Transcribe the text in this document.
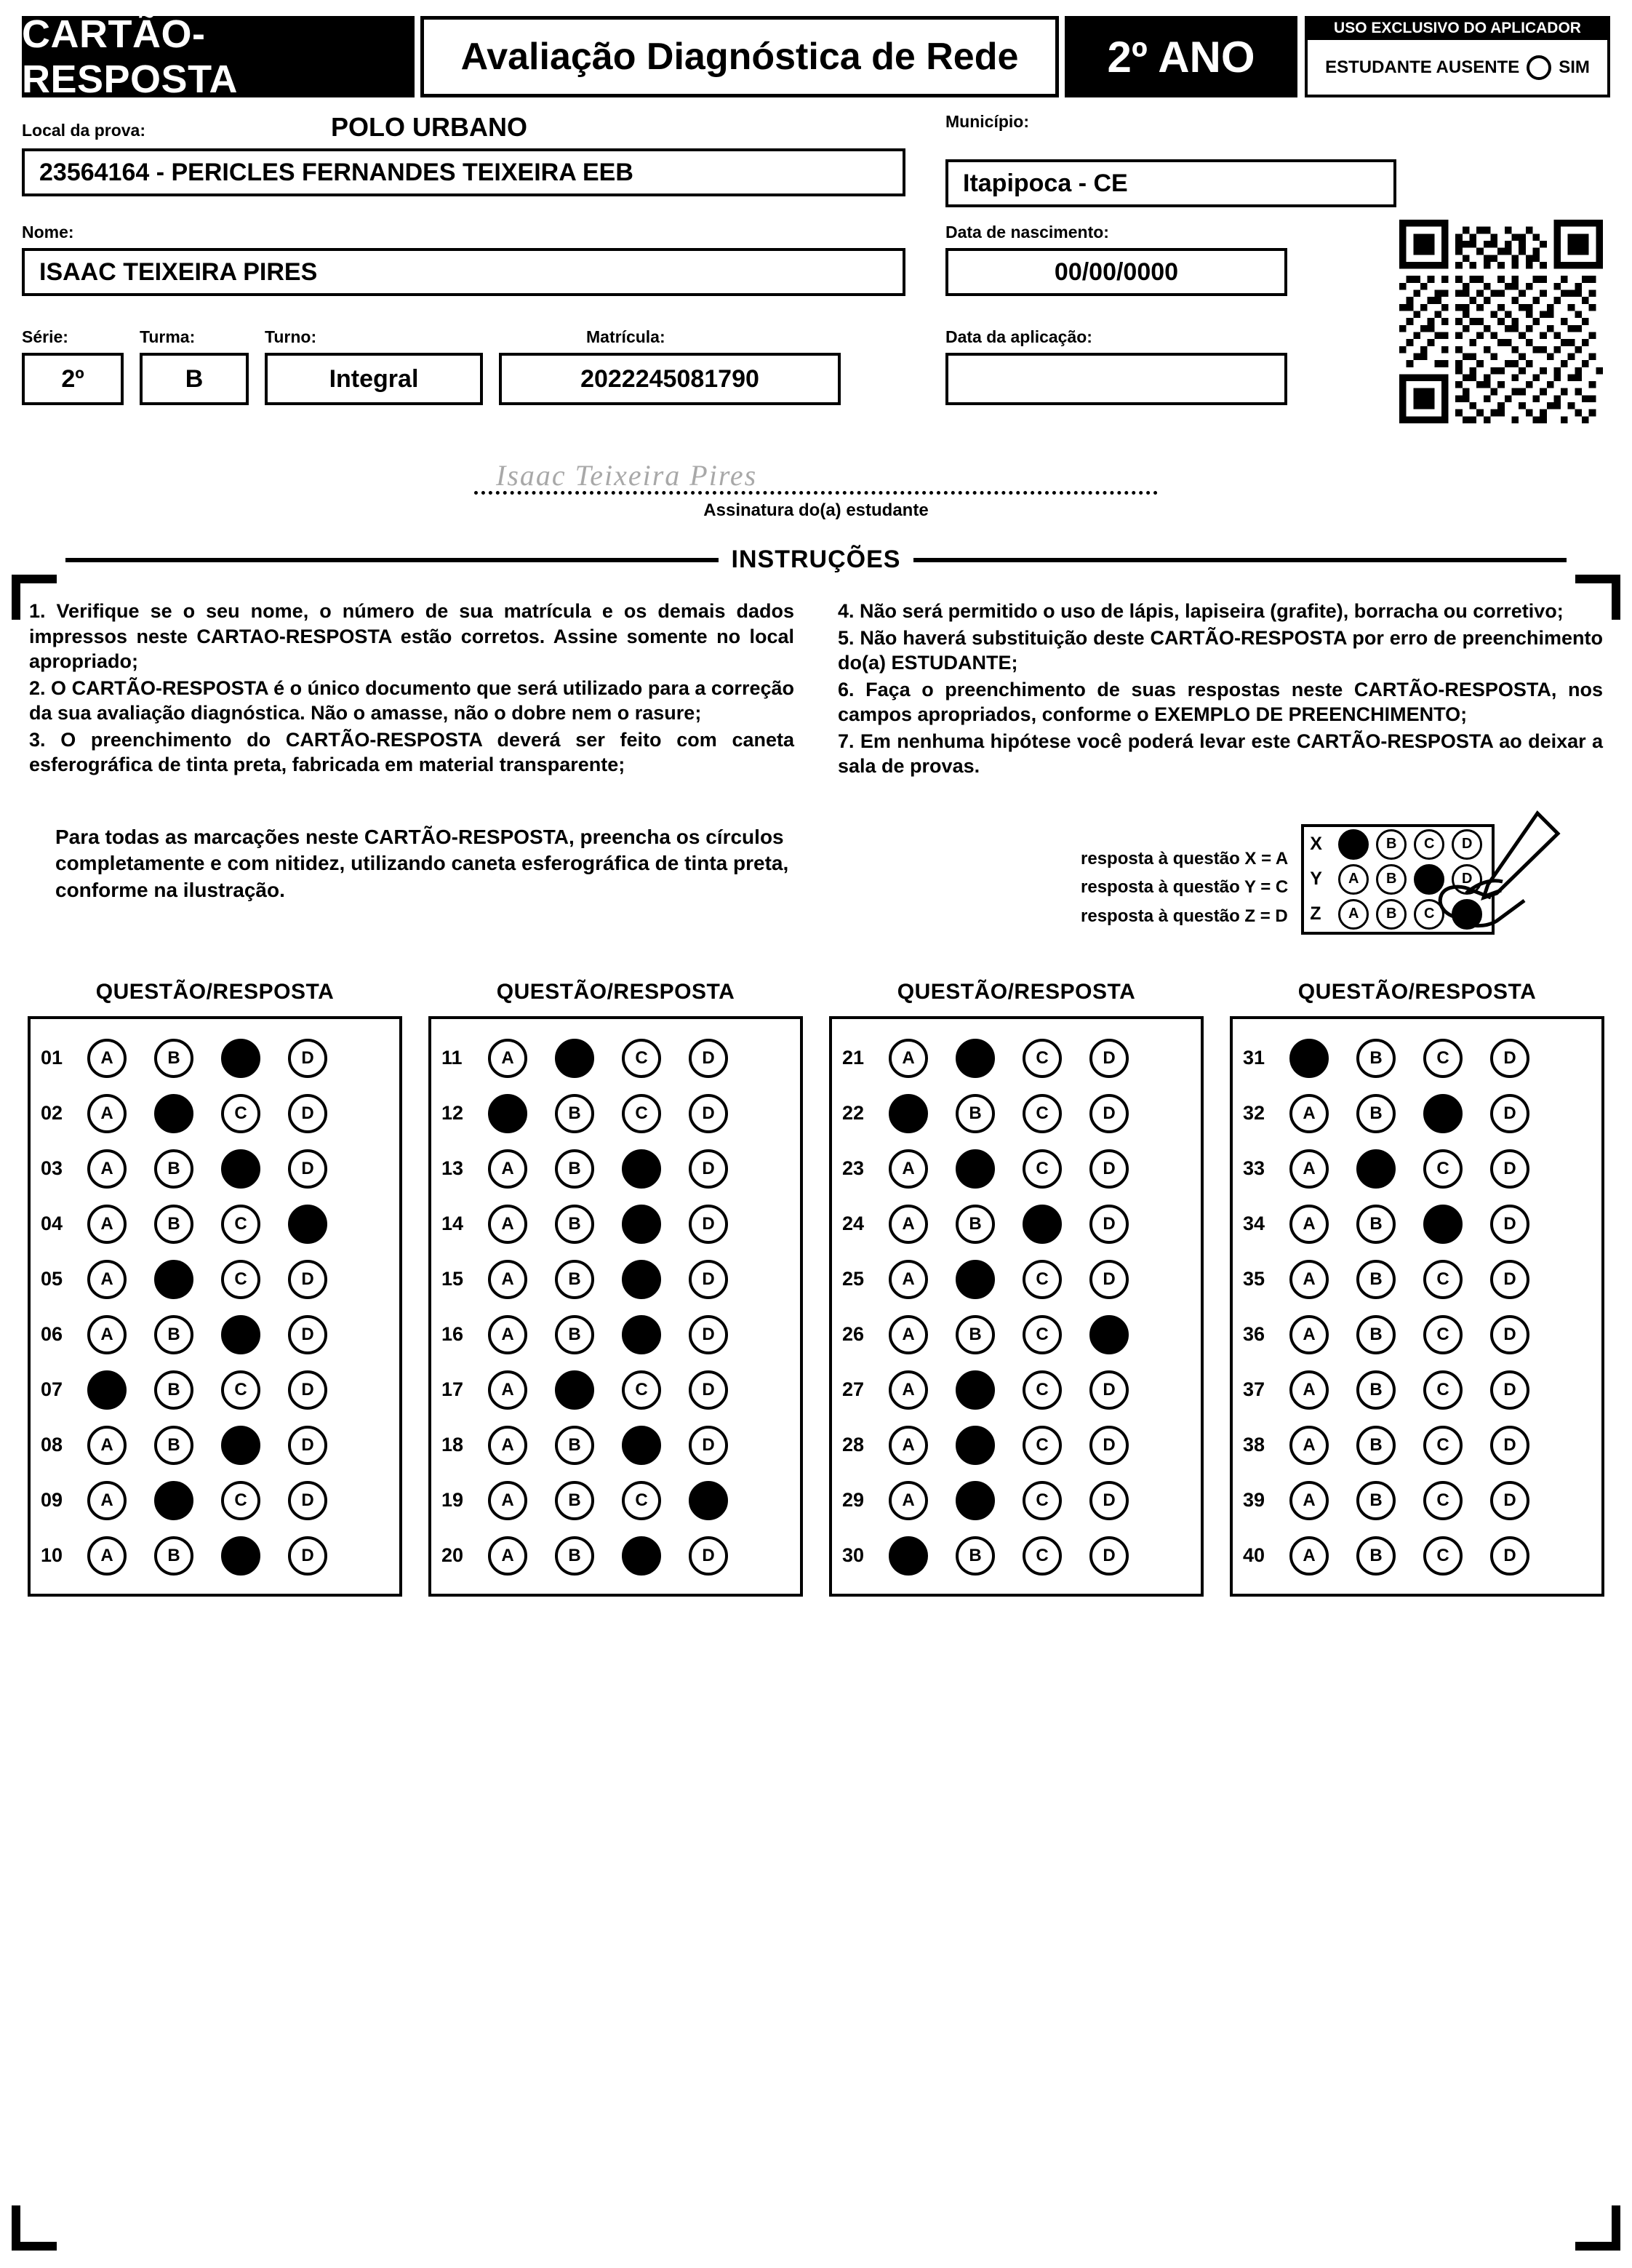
CARTÃO-RESPOSTA
Avaliação Diagnóstica de Rede	2º ANO
USO EXCLUSIVO DO APLICADOR
ESTUDANTE AUSENTE SIM
Local da prova:	POLO URBANO
23564164 - PERICLES FERNANDES TEIXEIRA EEB
Município:
Itapipoca - CE
Nome:
ISAAC TEIXEIRA PIRES
Data de nascimento:
00/00/0000
Série:
2º
Turma:
B
Turno:
Integral
Matrícula:
2022245081790
Data da aplicação:
Isaac Teixeira Pires
Assinatura do(a) estudante
INSTRUÇÕES

1. Verifique se o seu nome, o número de sua matrícula e os demais dados impressos neste CARTAO-RESPOSTA estão corretos. Assine somente no local apropriado;

2. O CARTÃO-RESPOSTA é o único documento que será utilizado para a correção da sua avaliação diagnóstica. Não o amasse, não o dobre nem o rasure;

3. O preenchimento do CARTÃO-RESPOSTA deverá ser feito com caneta esferográfica de tinta preta, fabricada em material transparente;

4. Não será permitido o uso de lápis, lapiseira (grafite), borracha ou corretivo;

5. Não haverá substituição deste CARTÃO-RESPOSTA por erro de preenchimento do(a) ESTUDANTE;

6. Faça o preenchimento de suas respostas neste CARTÃO-RESPOSTA, nos campos apropriados, conforme o EXEMPLO DE PREENCHIMENTO;

7. Em nenhuma hipótese você poderá levar este CARTÃO-RESPOSTA ao deixar a sala de provas.

Para todas as marcações neste CARTÃO-RESPOSTA, preencha os círculos completamente e com nitidez, utilizando caneta esferográfica de tinta preta, conforme na ilustração.
resposta à questão X = A
resposta à questão Y = C
resposta à questão Z = D
X	A	B	C	D
Y	A	B	C	D
Z	A	B	C	D
QUESTÃO/RESPOSTA
01	A	B	C	D
02	A	B	C	D
03	A	B	C	D
04	A	B	C	D
05	A	B	C	D
06	A	B	C	D
07	A	B	C	D
08	A	B	C	D
09	A	B	C	D
10	A	B	C	D
QUESTÃO/RESPOSTA
11	A	B	C	D
12	A	B	C	D
13	A	B	C	D
14	A	B	C	D
15	A	B	C	D
16	A	B	C	D
17	A	B	C	D
18	A	B	C	D
19	A	B	C	D
20	A	B	C	D
QUESTÃO/RESPOSTA
21	A	B	C	D
22	A	B	C	D
23	A	B	C	D
24	A	B	C	D
25	A	B	C	D
26	A	B	C	D
27	A	B	C	D
28	A	B	C	D
29	A	B	C	D
30	A	B	C	D
QUESTÃO/RESPOSTA
31	A	B	C	D
32	A	B	C	D
33	A	B	C	D
34	A	B	C	D
35	A	B	C	D
36	A	B	C	D
37	A	B	C	D
38	A	B	C	D
39	A	B	C	D
40	A	B	C	D
